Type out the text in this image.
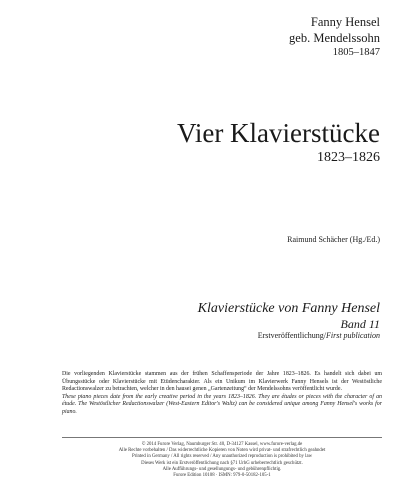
Fanny Hensel
geb. Mendelssohn
1805–1847
Vier Klavierstücke
1823–1826
Raimund Schächer (Hg./Ed.)
Klavierstücke von Fanny Hensel
Band 11
Erstveröffentlichung/First publication

Die vorliegenden Klavierstücke stammen aus der frühen Schaffensperiode der Jahre 1823–1826. Es handelt sich dabei um Übungsstücke oder Klavierstücke mit Etüdencharakter. Als ein Unikum im Klavierwerk Fanny Hensels ist der Westöstliche Redactionswalzer zu betrachten, welcher in den hausei genen „Gartenzeitung“ der Mendelssohns veröffentlicht wurde.

These piano pieces date from the early creative period in the years 1823–1826. They are études or pieces with the character of an étude. The Westöstlicher Redactionswalzer (West-Eastern Editor's Waltz) can be considered unique among Fanny Hensel's works for piano.

© 2014 Furore Verlag, Naumburger Str. 40, D-34127 Kassel, www.furore-verlag.de
Alle Rechte vorbehalten / Das widerrechtliche Kopieren von Noten wird privat- und strafrechtlich geahndet
Printed in Germany / All rights reserved / Any unauthorized reproduction is prohibited by law
Dieses Werk ist ein Erstveröffentlichung nach §71 UrhG urheberrechtlich geschützt.
Alle Aufführungs- und gesellungungs- und gebührenpflichtig.
Furore Edition 10108 · ISMN: 979-0-50182-105-1
